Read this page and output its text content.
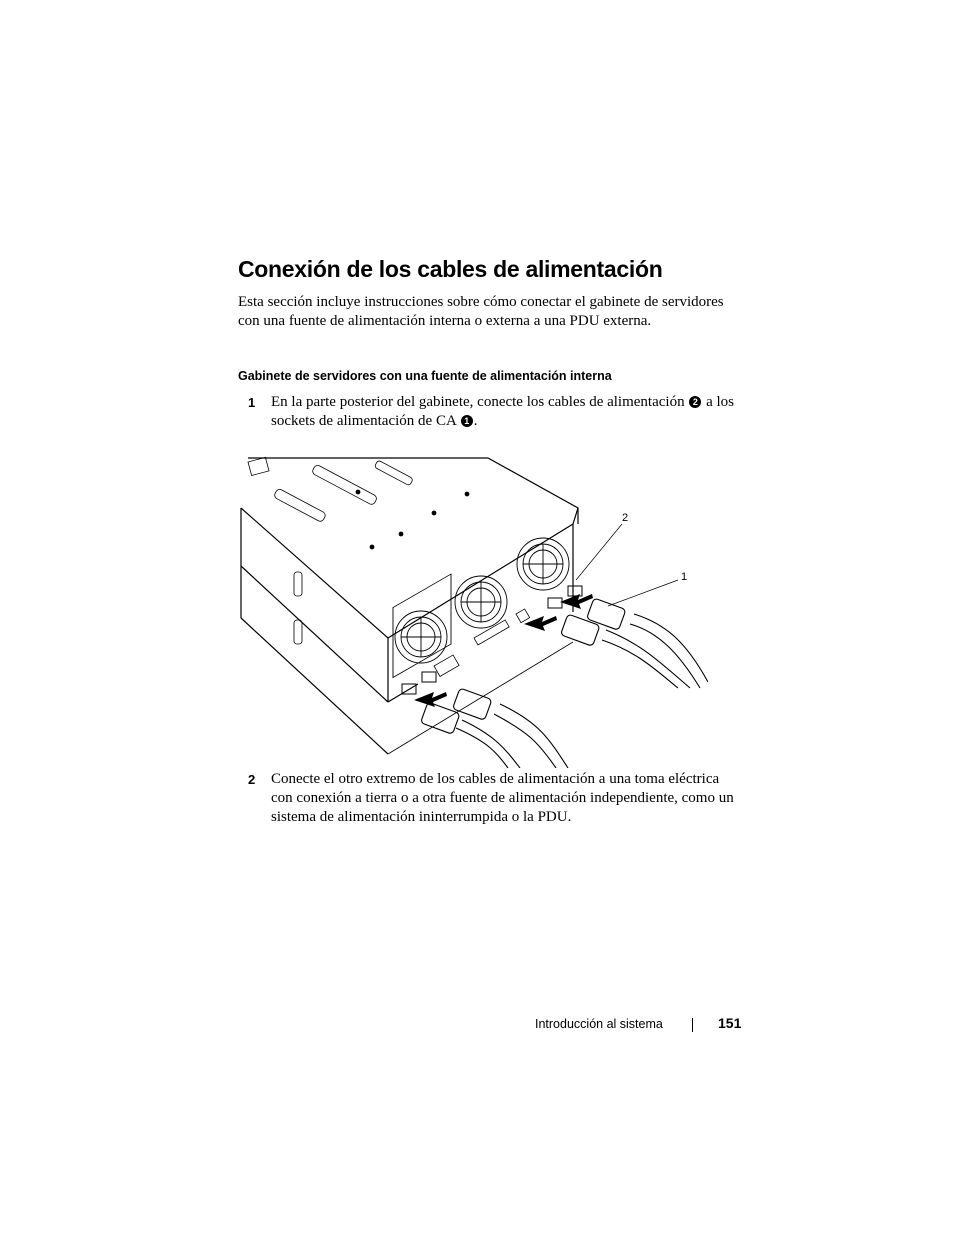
Conexión de los cables de alimentación

Esta sección incluye instrucciones sobre cómo conectar el gabinete de servidores con una fuente de alimentación interna o externa a una PDU externa.

Gabinete de servidores con una fuente de alimentación interna
1 En la parte posterior del gabinete, conecte los cables de alimentación 2 a los sockets de alimentación de CA 1 .
2
1
2 Conecte el otro extremo de los cables de alimentación a una toma eléctrica con conexión a tierra o a otra fuente de alimentación independiente, como un sistema de alimentación ininterrumpida o la PDU.
Introducción al sistema	151
